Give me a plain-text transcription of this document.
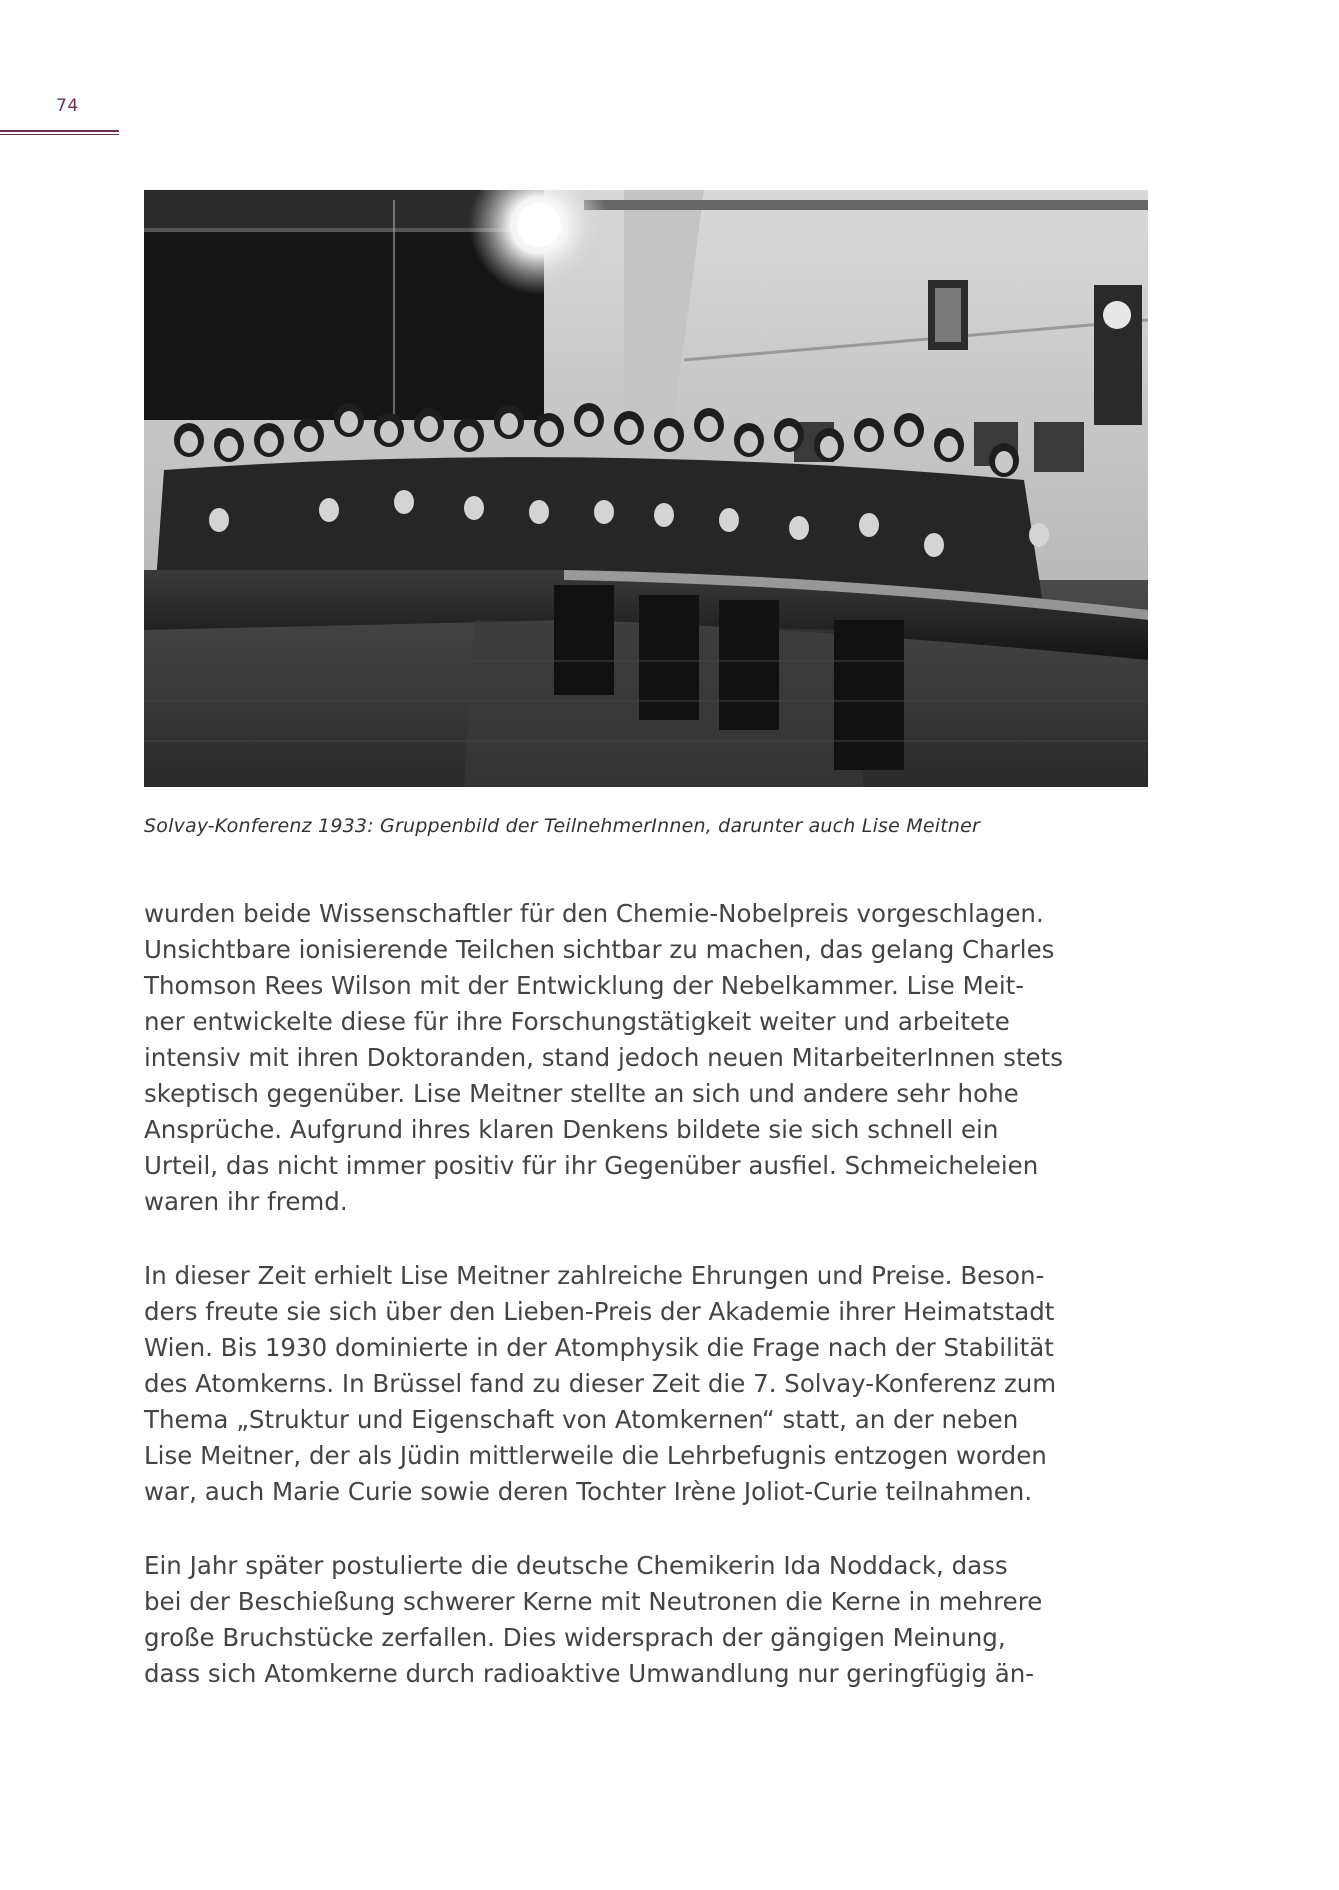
74
Solvay-Konferenz 1933: Gruppenbild der TeilnehmerInnen, darunter auch Lise Meitner
wurden beide Wissenschaftler für den Chemie-Nobelpreis vorgeschlagen.
Unsichtbare ionisierende Teilchen sichtbar zu machen, das gelang Charles
Thomson Rees Wilson mit der Entwicklung der Nebelkammer. Lise Meit-
ner entwickelte diese für ihre Forschungstätigkeit weiter und arbeitete
intensiv mit ihren Doktoranden, stand jedoch neuen MitarbeiterInnen stets
skeptisch gegenüber. Lise Meitner stellte an sich und andere sehr hohe
Ansprüche. Aufgrund ihres klaren Denkens bildete sie sich schnell ein
Urteil, das nicht immer positiv für ihr Gegenüber ausfiel. Schmeicheleien
waren ihr fremd.
In dieser Zeit erhielt Lise Meitner zahlreiche Ehrungen und Preise. Beson-
ders freute sie sich über den Lieben-Preis der Akademie ihrer Heimatstadt
Wien. Bis 1930 dominierte in der Atomphysik die Frage nach der Stabilität
des Atomkerns. In Brüssel fand zu dieser Zeit die 7. Solvay-Konferenz zum
Thema „Struktur und Eigenschaft von Atomkernen“ statt, an der neben
Lise Meitner, der als Jüdin mittlerweile die Lehrbefugnis entzogen worden
war, auch Marie Curie sowie deren Tochter Irène Joliot-Curie teilnahmen.
Ein Jahr später postulierte die deutsche Chemikerin Ida Noddack, dass
bei der Beschießung schwerer Kerne mit Neutronen die Kerne in mehrere
große Bruchstücke zerfallen. Dies widersprach der gängigen Meinung,
dass sich Atomkerne durch radioaktive Umwandlung nur geringfügig än-
